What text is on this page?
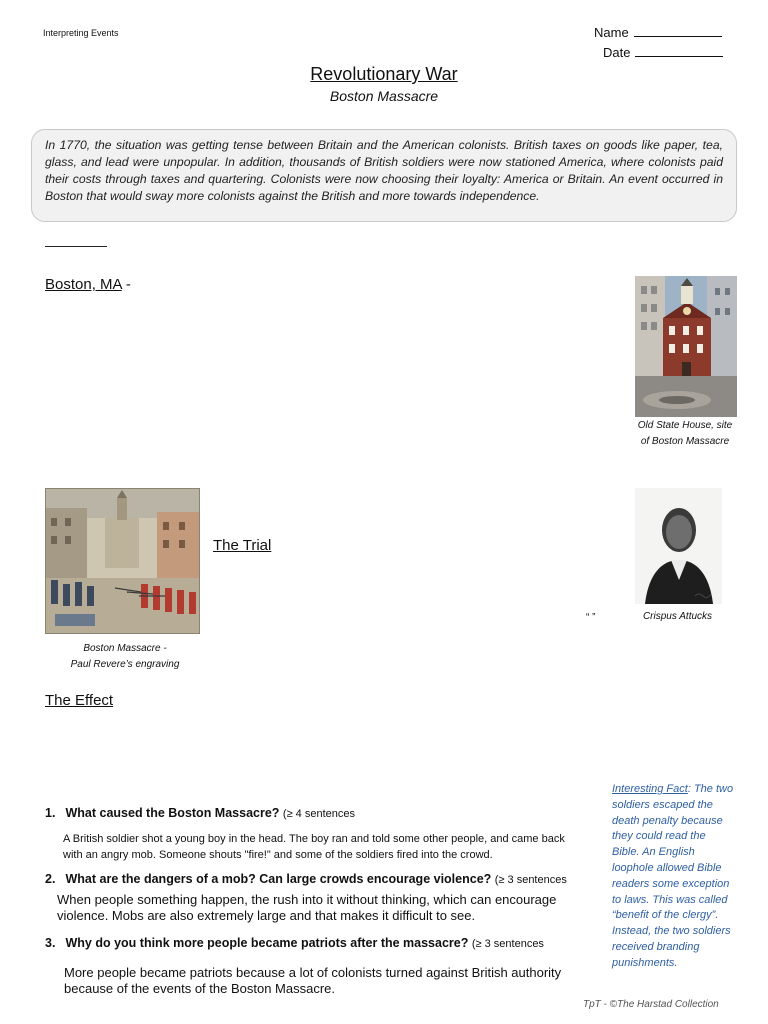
Interpreting Events	Name
Date
Revolutionary War
Boston Massacre
In 1770, the situation was getting tense between Britain and the American colonists. British taxes on goods like paper, tea, glass, and lead were unpopular. In addition, thousands of British soldiers were now stationed America, where colonists paid their costs through taxes and quartering. Colonists were now choosing their loyalty: America or Britain. An event occurred in Boston that would sway more colonists against the British and more towards independence.
Boston, MA -
Old State House, site
of Boston Massacre
Boston Massacre -
Paul Revere’s engraving
The Trial
“ ”	Crispus Attucks
The Effect
1. What caused the Boston Massacre? (≥ 4 sentences
A British soldier shot a young boy in the head. The boy ran and told some other people, and came back with an angry mob. Someone shouts "fire!" and some of the soldiers fired into the crowd.
2. What are the dangers of a mob? Can large crowds encourage violence? (≥ 3 sentences
When people something happen, the rush into it without thinking, which can encourage violence. Mobs are also extremely large and that makes it difficult to see.
3. Why do you think more people became patriots after the massacre? (≥ 3 sentences
More people became patriots because a lot of colonists turned against British authority because of the events of the Boston Massacre.
Interesting Fact: The two soldiers escaped the death penalty because they could read the Bible. An English loophole allowed Bible readers some exception to laws. This was called “benefit of the clergy”. Instead, the two soldiers received branding punishments.
TpT - ©The Harstad Collection
